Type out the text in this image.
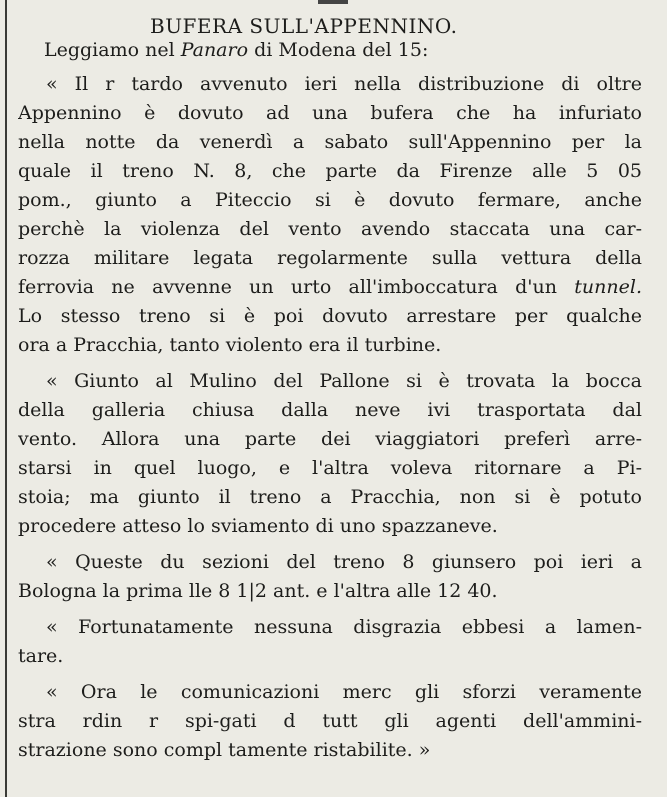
BUFERA SULL'APPENNINO.
Leggiamo nel Panaro di Modena del 15:
« Il r tardo avvenuto ieri nella distribuzione di oltre
Appennino è dovuto ad una bufera che ha infuriato
nella notte da venerdì a sabato sull'Appennino per la
quale il treno N. 8, che parte da Firenze alle 5 05
pom., giunto a Piteccio si è dovuto fermare, anche
perchè la violenza del vento avendo staccata una car-
rozza militare legata regolarmente sulla vettura della
ferrovia ne avvenne un urto all'imboccatura d'un tunnel.
Lo stesso treno si è poi dovuto arrestare per qualche
ora a Pracchia, tanto violento era il turbine.
« Giunto al Mulino del Pallone si è trovata la bocca
della galleria chiusa dalla neve ivi trasportata dal
vento. Allora una parte dei viaggiatori preferì arre-
starsi in quel luogo, e l'altra voleva ritornare a Pi-
stoia; ma giunto il treno a Pracchia, non si è potuto
procedere atteso lo sviamento di uno spazzaneve.
« Queste du sezioni del treno 8 giunsero poi ieri a
Bologna la prima lle 8 1|2 ant. e l'altra alle 12 40.
« Fortunatamente nessuna disgrazia ebbesi a lamen-
tare.
« Ora le comunicazioni merc gli sforzi veramente
stra rdin r spi-gati d tutt gli agenti dell'ammini-
strazione sono compl tamente ristabilite. »
